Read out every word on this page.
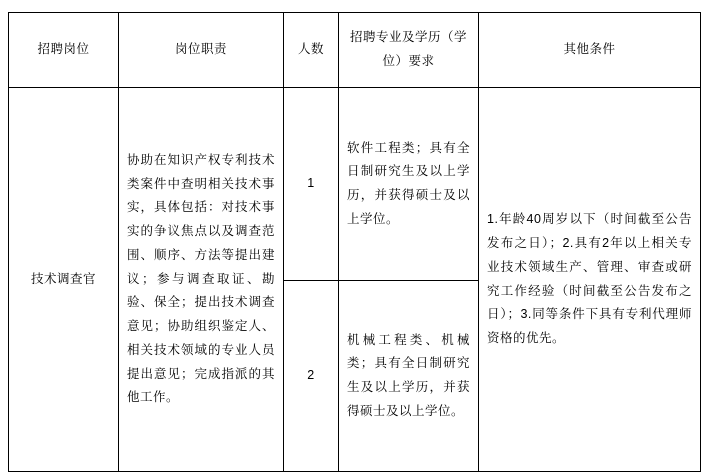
招聘岗位	岗位职责	人数	招聘专业及学历（学位）要求	其他条件
技术调查官	协助在知识产权专利技术类案件中查明相关技术事实，具体包括：对技术事实的争议焦点以及调查范围、顺序、方法等提出建议；参与调查取证、勘验、保全；提出技术调查意见；协助组织鉴定人、相关技术领域的专业人员提出意见；完成指派的其他工作。	1	软件工程类；具有全日制研究生及以上学历，并获得硕士及以上学位。	1.年龄40周岁以下（时间截至公告发布之日）；2.具有2年以上相关专业技术领域生产、管理、审查或研究工作经验（时间截至公告发布之日）；3.同等条件下具有专利代理师资格的优先。
		2	机械工程类、机械类；具有全日制研究生及以上学历，并获得硕士及以上学位。	
